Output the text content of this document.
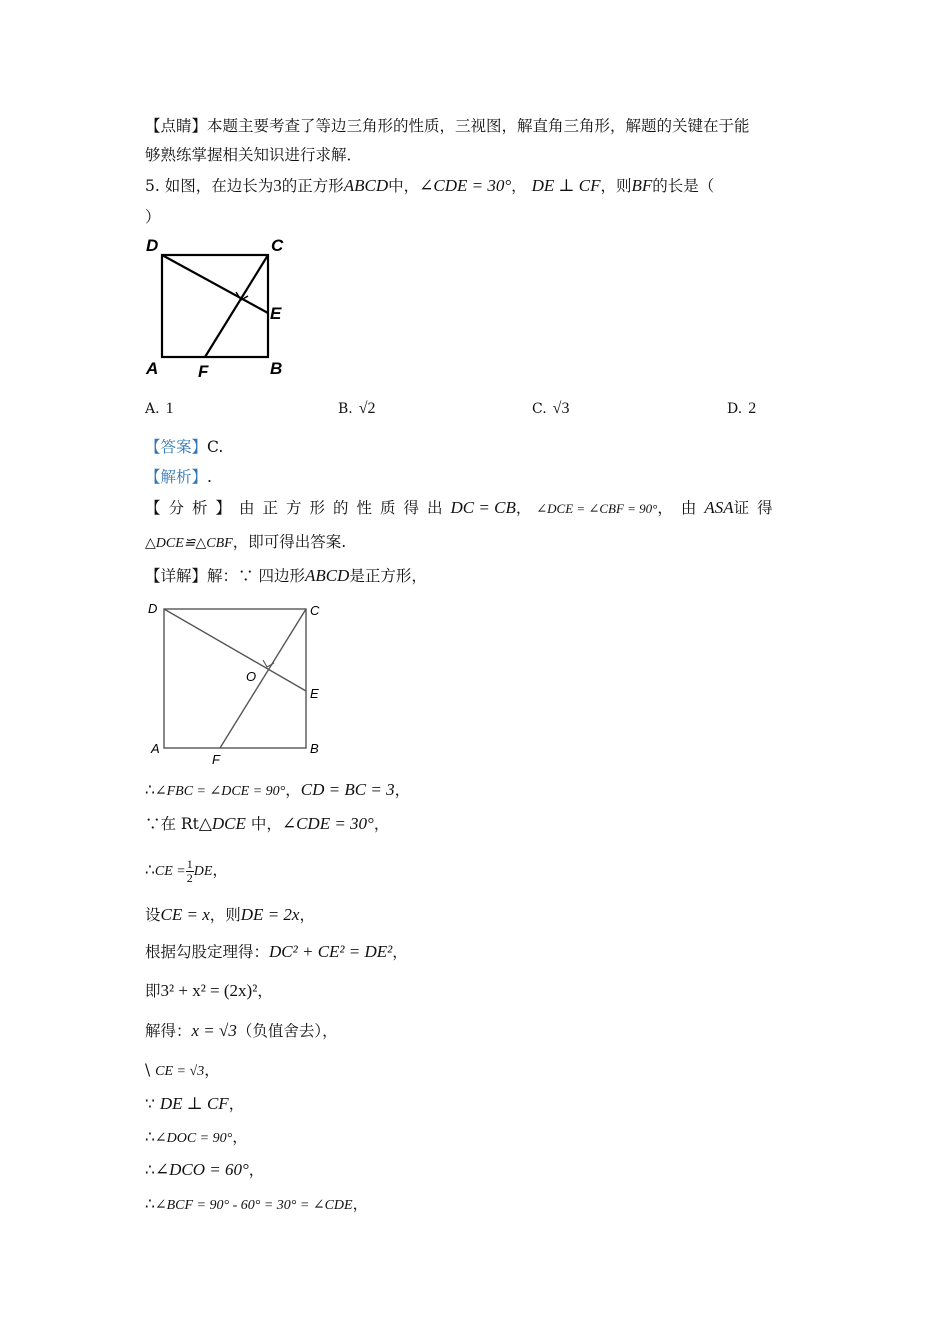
【点睛】本题主要考查了等边三角形的性质，三视图，解直角三角形，解题的关键在于能
够熟练掌握相关知识进行求解．
5. 如图，在边长为3的正方形ABCD中，∠CDE = 30°， DE ⊥ CF，则BF的长是（
）
D	C
E
A F	B
A. 1	B. √2	C. √3	D. 2
【答案】C.
【解析】.
【分析】由正方形的性质得出DC = CB， ∠DCE = ∠CBF = 90°，由ASA证得
△DCE≌△CBF，即可得出答案.
【详解】解：∵ 四边形ABCD是正方形，
D	C
O
E
A
F
B
∴∠FBC = ∠DCE = 90°，CD = BC = 3，
∵在 Rt△DCE 中，∠CDE = 30°，
∴CE = $\frac{1}{2}$ DE，
设CE = x，则DE = 2x，
根据勾股定理得：DC² + CE² = DE²，
即3² + x² = (2x)²，
解得：x = √3（负值舍去），
\ CE = √3，
∵ DE ⊥ CF，
∴∠DOC = 90°，
∴∠DCO = 60°，
∴∠BCF = 90° - 60° = 30° = ∠CDE，
